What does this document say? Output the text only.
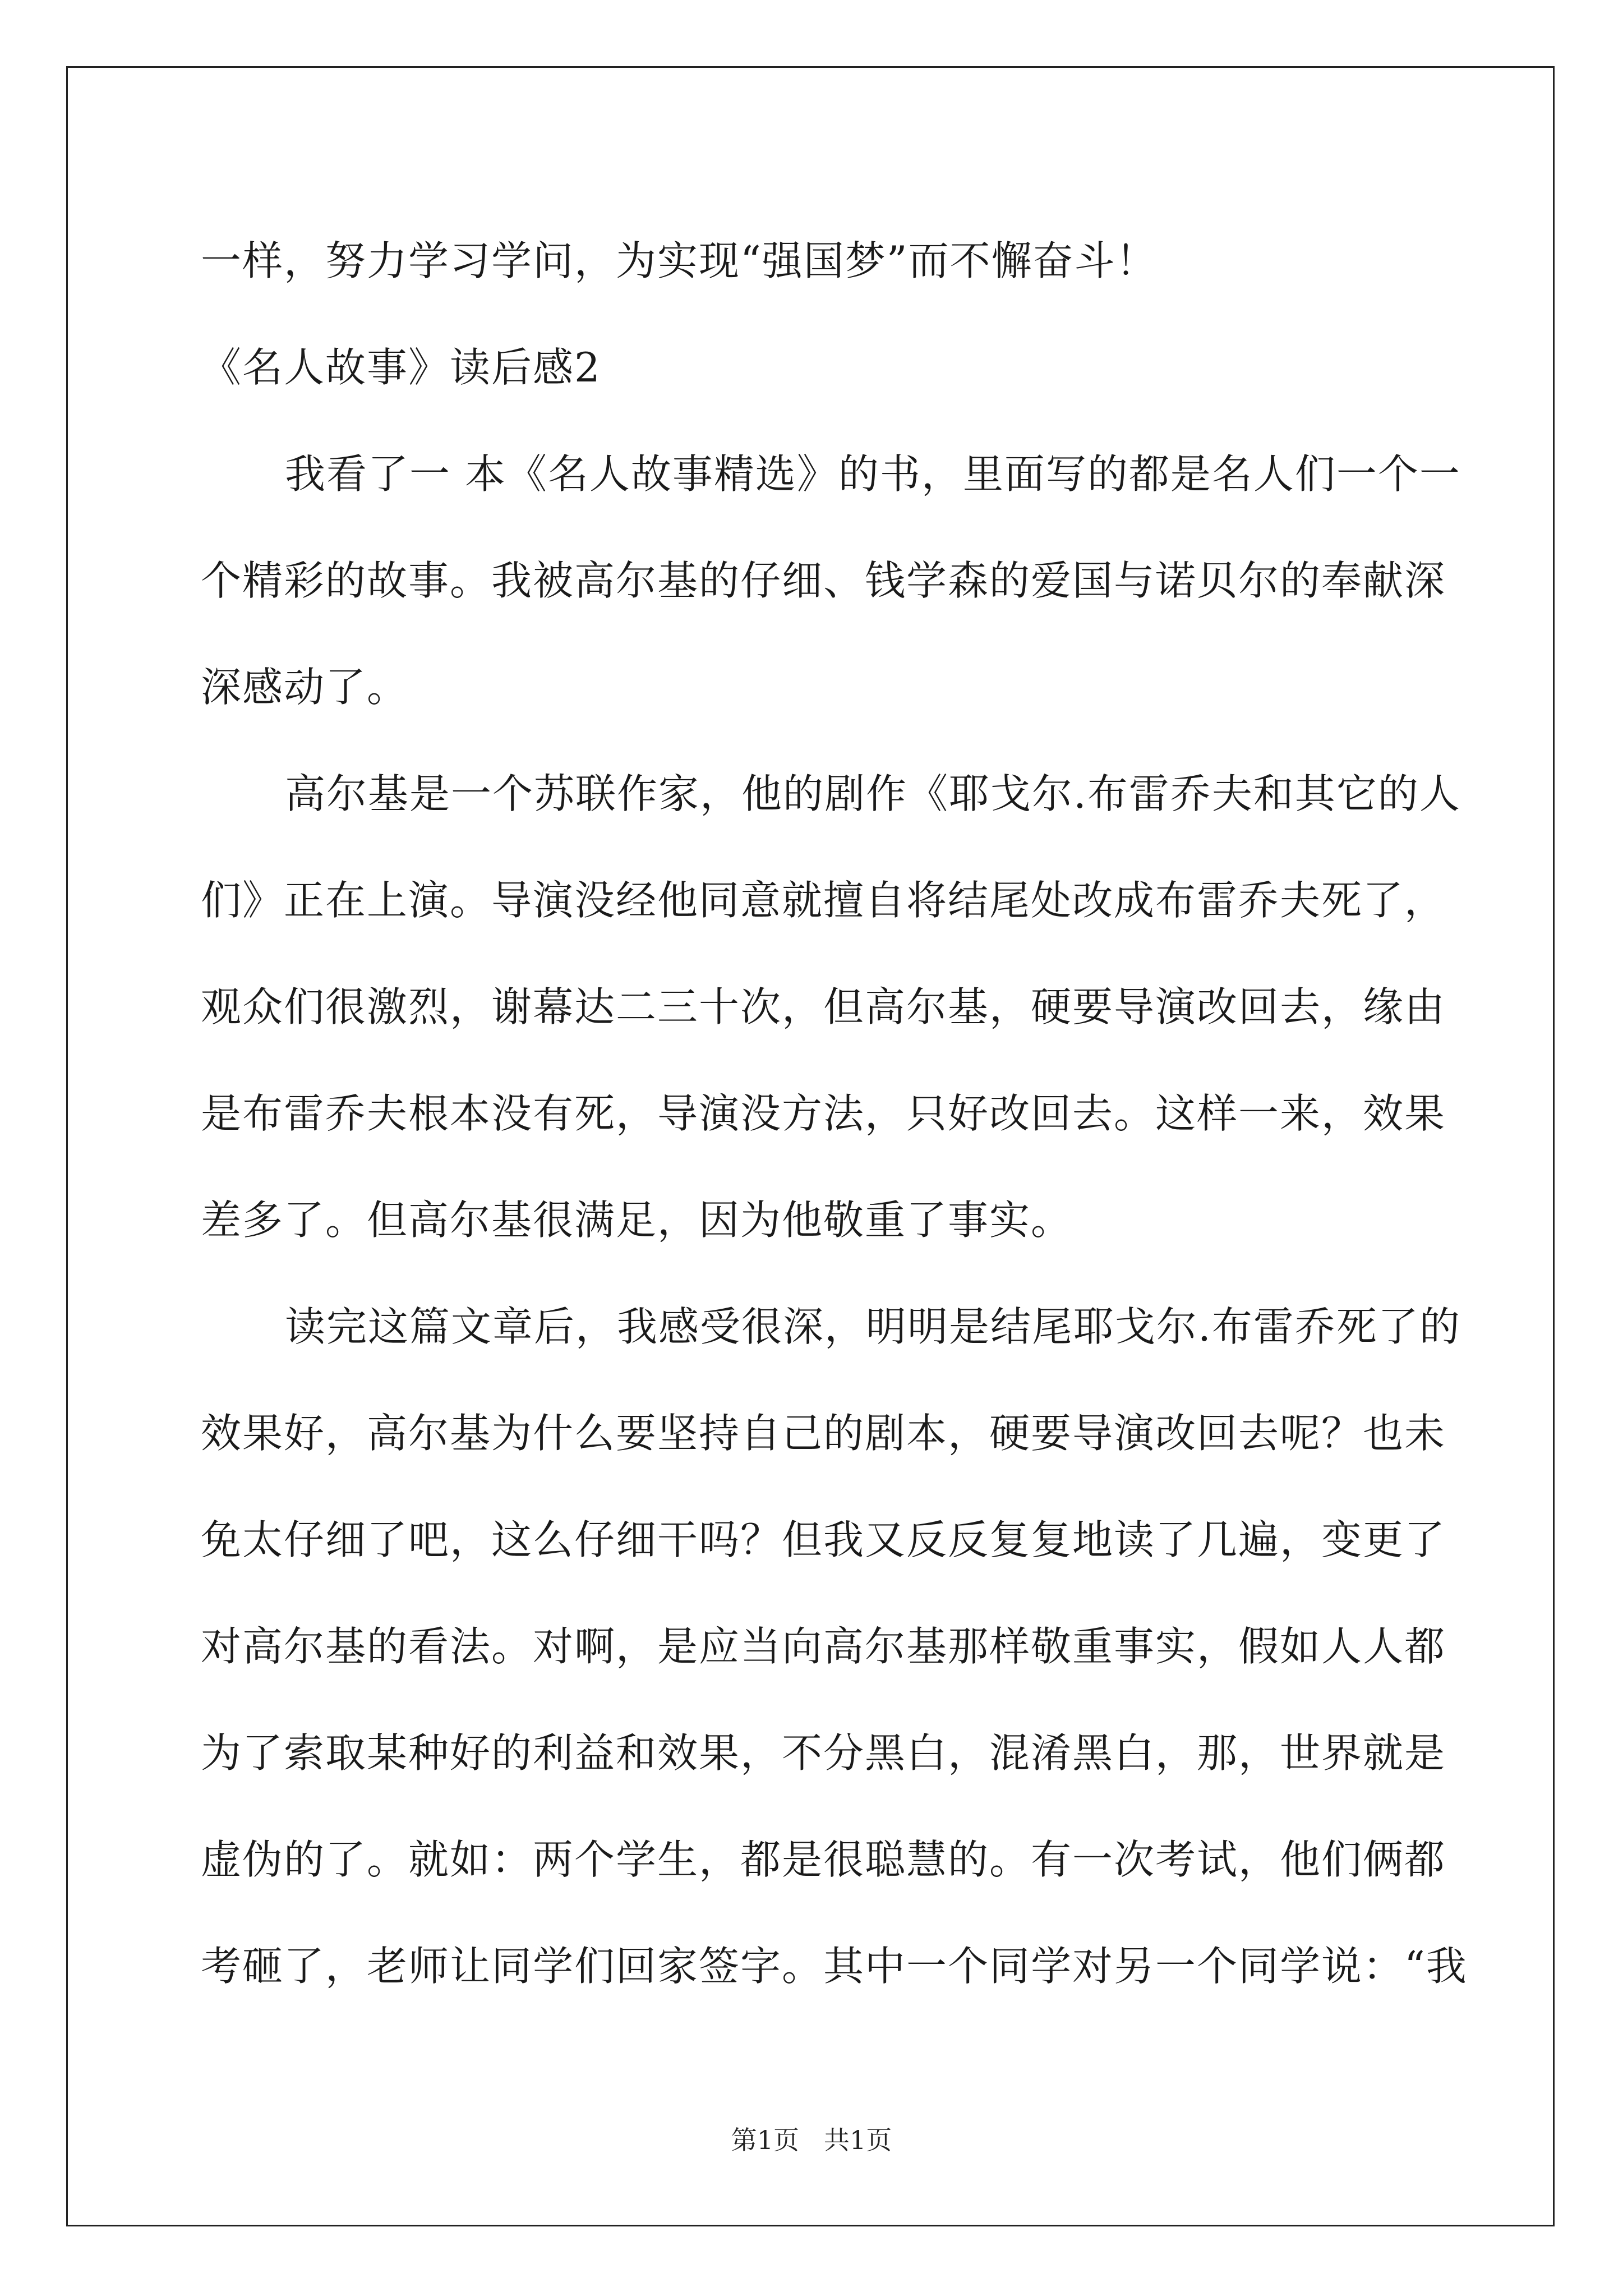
一样，努力学习学问，为实现“强国梦”而不懈奋斗！
《名人故事》读后感2
我看了一 本《名人故事精选》的书，里面写的都是名人们一个一
个精彩的故事。我被高尔基的仔细、钱学森的爱国与诺贝尔的奉献深
深感动了。
高尔基是一个苏联作家，他的剧作《耶戈尔.布雷乔夫和其它的人
们》正在上演。导演没经他同意就擅自将结尾处改成布雷乔夫死了，
观众们很激烈，谢幕达二三十次，但高尔基，硬要导演改回去，缘由
是布雷乔夫根本没有死，导演没方法，只好改回去。这样一来，效果
差多了。但高尔基很满足，因为他敬重了事实。
读完这篇文章后，我感受很深，明明是结尾耶戈尔.布雷乔死了的
效果好，高尔基为什么要坚持自己的剧本，硬要导演改回去呢？也未
免太仔细了吧，这么仔细干吗？但我又反反复复地读了几遍，变更了
对高尔基的看法。对啊，是应当向高尔基那样敬重事实，假如人人都
为了索取某种好的利益和效果，不分黑白，混淆黑白，那，世界就是
虚伪的了。就如：两个学生，都是很聪慧的。有一次考试，他们俩都
考砸了，老师让同学们回家签字。其中一个同学对另一个同学说：“我
第1页 共1页
